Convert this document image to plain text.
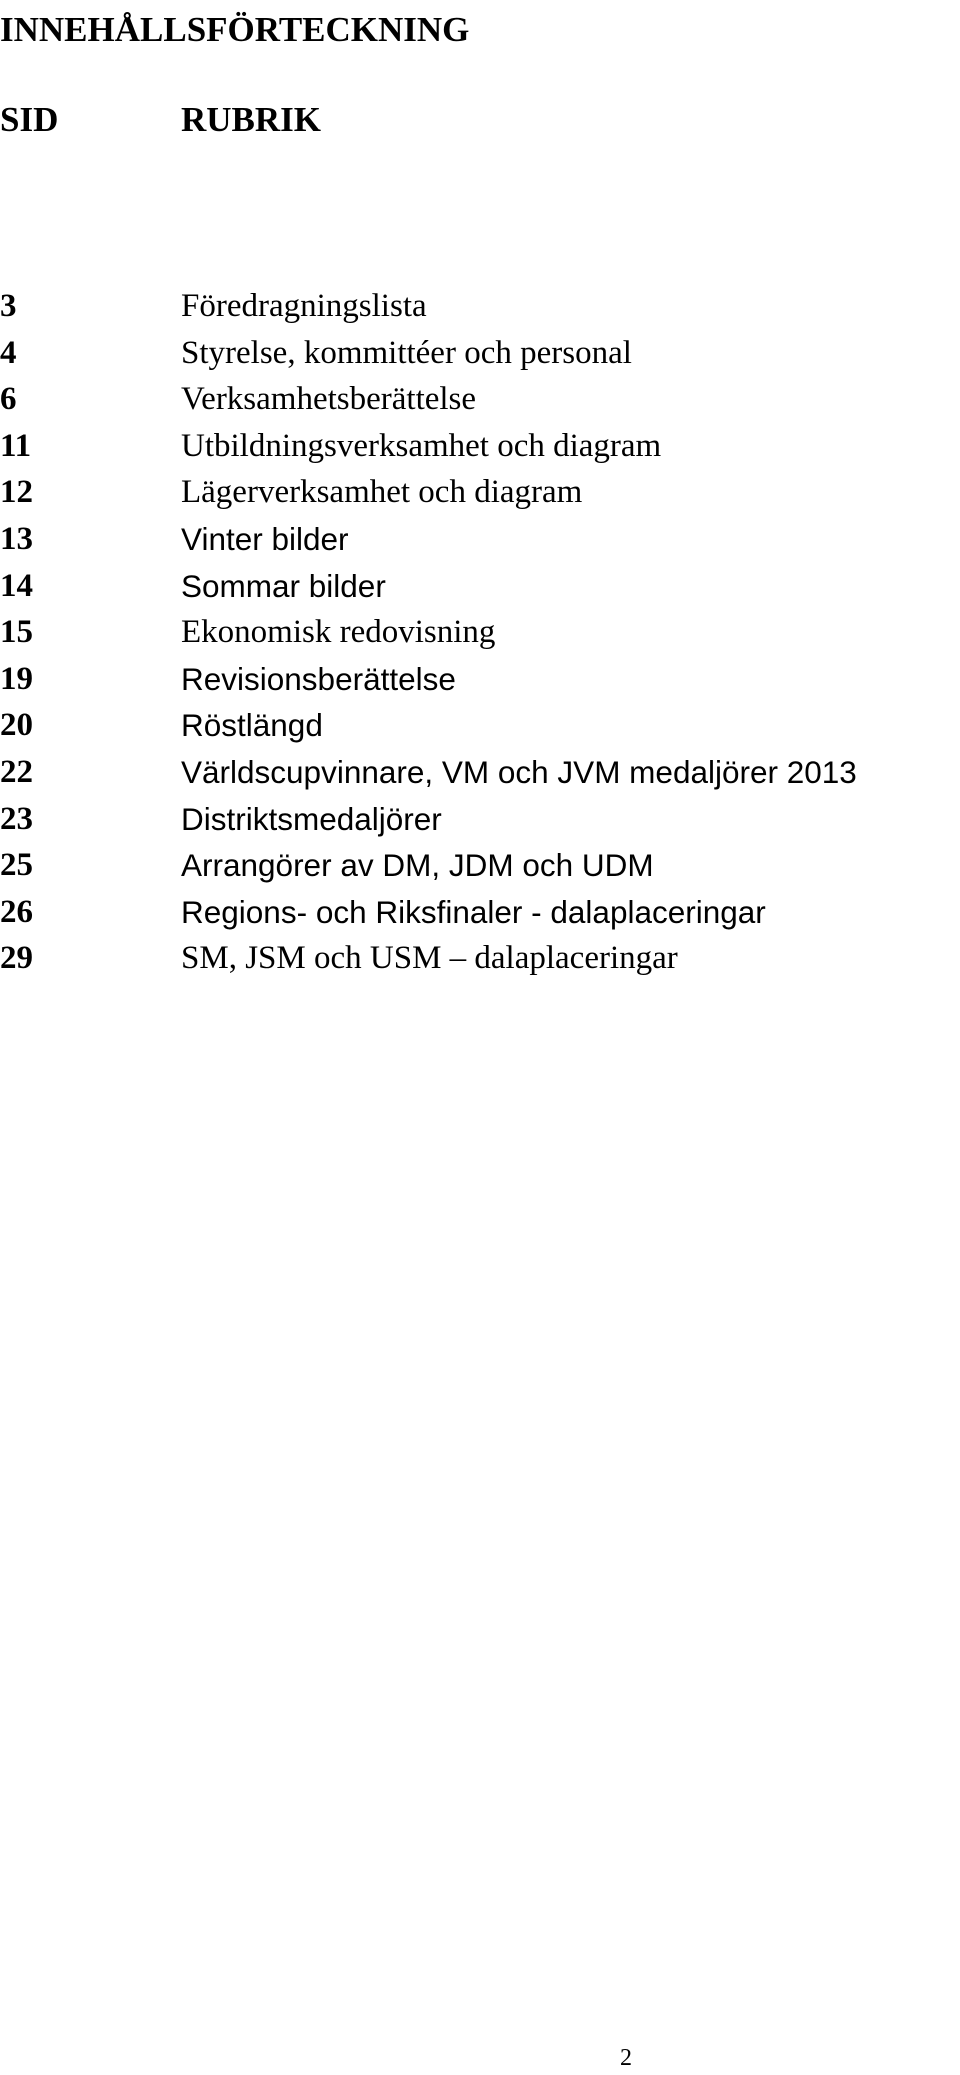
INNEHÅLLSFÖRTECKNING
SID	RUBRIK
3	Föredragningslista
4	Styrelse, kommittéer och personal
6	Verksamhetsberättelse
11	Utbildningsverksamhet och diagram
12	Lägerverksamhet och diagram
13	Vinter bilder
14	Sommar bilder
15	Ekonomisk redovisning
19	Revisionsberättelse
20	Röstlängd
22	Världscupvinnare, VM och JVM medaljörer 2013
23	Distriktsmedaljörer
25	Arrangörer av DM, JDM och UDM
26	Regions- och Riksfinaler - dalaplaceringar
29	SM, JSM och USM – dalaplaceringar
2
